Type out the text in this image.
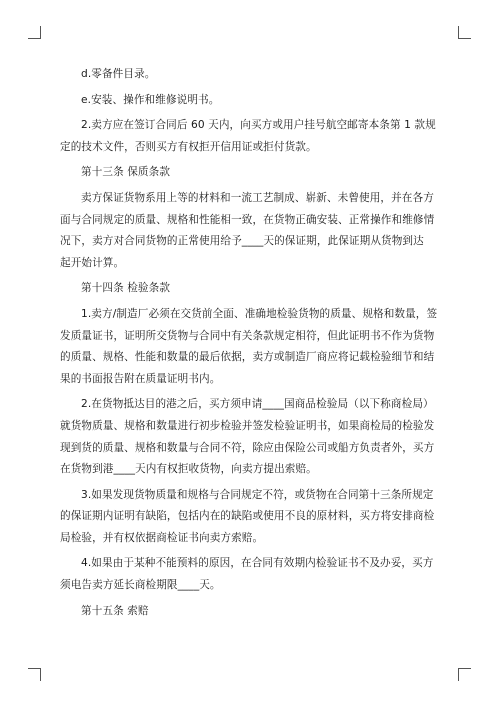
d.零备件目录。

e.安装、操作和维修说明书。

2.卖方应在签订合同后 60 天内，向买方或用户挂号航空邮寄本条第 1 款规定的技术文件，否则买方有权拒开信用证或拒付货款。

第十三条 保质条款

卖方保证货物系用上等的材料和一流工艺制成、崭新、未曾使用，并在各方面与合同规定的质量、规格和性能相一致，在货物正确安装、正常操作和维修情况下，卖方对合同货物的正常使用给予____天的保证期，此保证期从货物到达　　起开始计算。

第十四条 检验条款

1.卖方/制造厂必须在交货前全面、准确地检验货物的质量、规格和数量，签发质量证书，证明所交货物与合同中有关条款规定相符，但此证明书不作为货物的质量、规格、性能和数量的最后依据，卖方或制造厂商应将记载检验细节和结果的书面报告附在质量证明书内。

2.在货物抵达目的港之后，买方须申请____国商品检验局（以下称商检局）就货物质量、规格和数量进行初步检验并签发检验证明书，如果商检局的检验发现到货的质量、规格和数量与合同不符，除应由保险公司或船方负责者外，买方在货物到港____天内有权拒收货物，向卖方提出索赔。

3.如果发现货物质量和规格与合同规定不符，或货物在合同第十三条所规定的保证期内证明有缺陷，包括内在的缺陷或使用不良的原材料，买方将安排商检局检验，并有权依据商检证书向卖方索赔。

4.如果由于某种不能预料的原因，在合同有效期内检验证书不及办妥，买方须电告卖方延长商检期限____天。

第十五条 索赔
